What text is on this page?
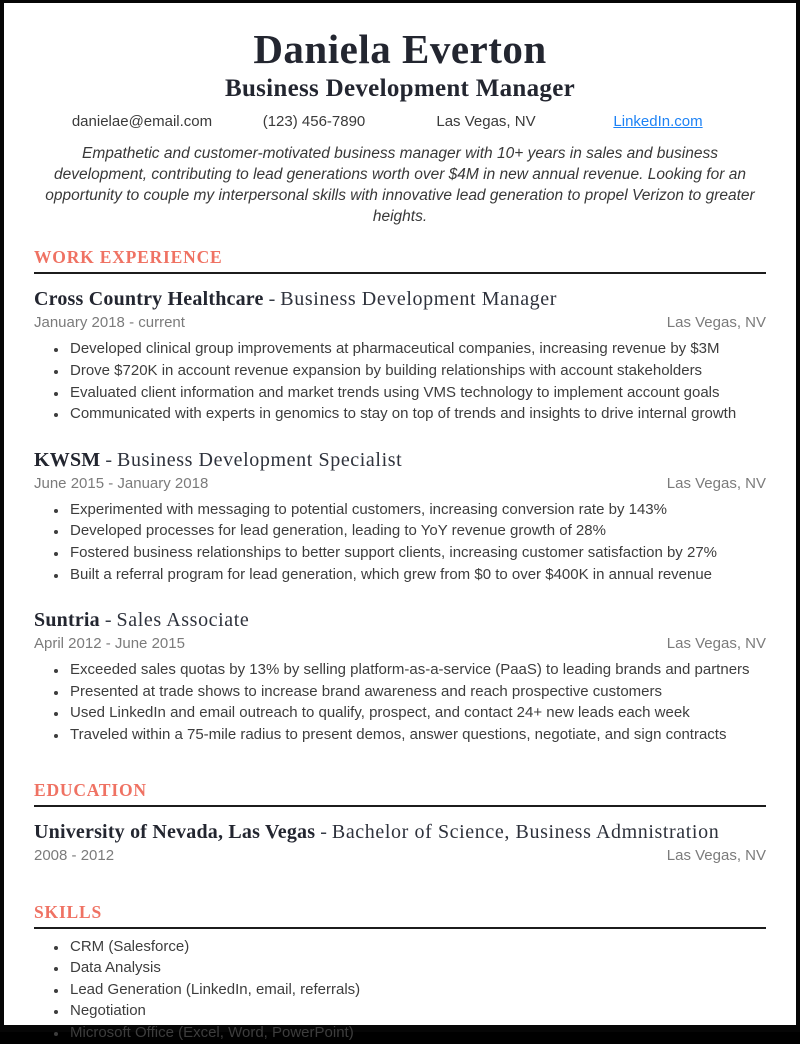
Daniela Everton
Business Development Manager
danielae@email.com	(123) 456-7890	Las Vegas, NV	LinkedIn.com

Empathetic and customer-motivated business manager with 10+ years in sales and business development, contributing to lead generations worth over $4M in new annual revenue. Looking for an opportunity to couple my interpersonal skills with innovative lead generation to propel Verizon to greater heights.

WORK EXPERIENCE
Cross Country Healthcare - Business Development Manager
January 2018 - current	Las Vegas, NV
• Developed clinical group improvements at pharmaceutical companies, increasing revenue by $3M
• Drove $720K in account revenue expansion by building relationships with account stakeholders
• Evaluated client information and market trends using VMS technology to implement account goals
• Communicated with experts in genomics to stay on top of trends and insights to drive internal growth
KWSM - Business Development Specialist
June 2015 - January 2018	Las Vegas, NV
• Experimented with messaging to potential customers, increasing conversion rate by 143%
• Developed processes for lead generation, leading to YoY revenue growth of 28%
• Fostered business relationships to better support clients, increasing customer satisfaction by 27%
• Built a referral program for lead generation, which grew from $0 to over $400K in annual revenue
Suntria - Sales Associate
April 2012 - June 2015	Las Vegas, NV
• Exceeded sales quotas by 13% by selling platform-as-a-service (PaaS) to leading brands and partners
• Presented at trade shows to increase brand awareness and reach prospective customers
• Used LinkedIn and email outreach to qualify, prospect, and contact 24+ new leads each week
• Traveled within a 75-mile radius to present demos, answer questions, negotiate, and sign contracts
EDUCATION
University of Nevada, Las Vegas - Bachelor of Science, Business Admnistration
2008 - 2012	Las Vegas, NV
SKILLS
• CRM (Salesforce)
• Data Analysis
• Lead Generation (LinkedIn, email, referrals)
• Negotiation
• Microsoft Office (Excel, Word, PowerPoint)
